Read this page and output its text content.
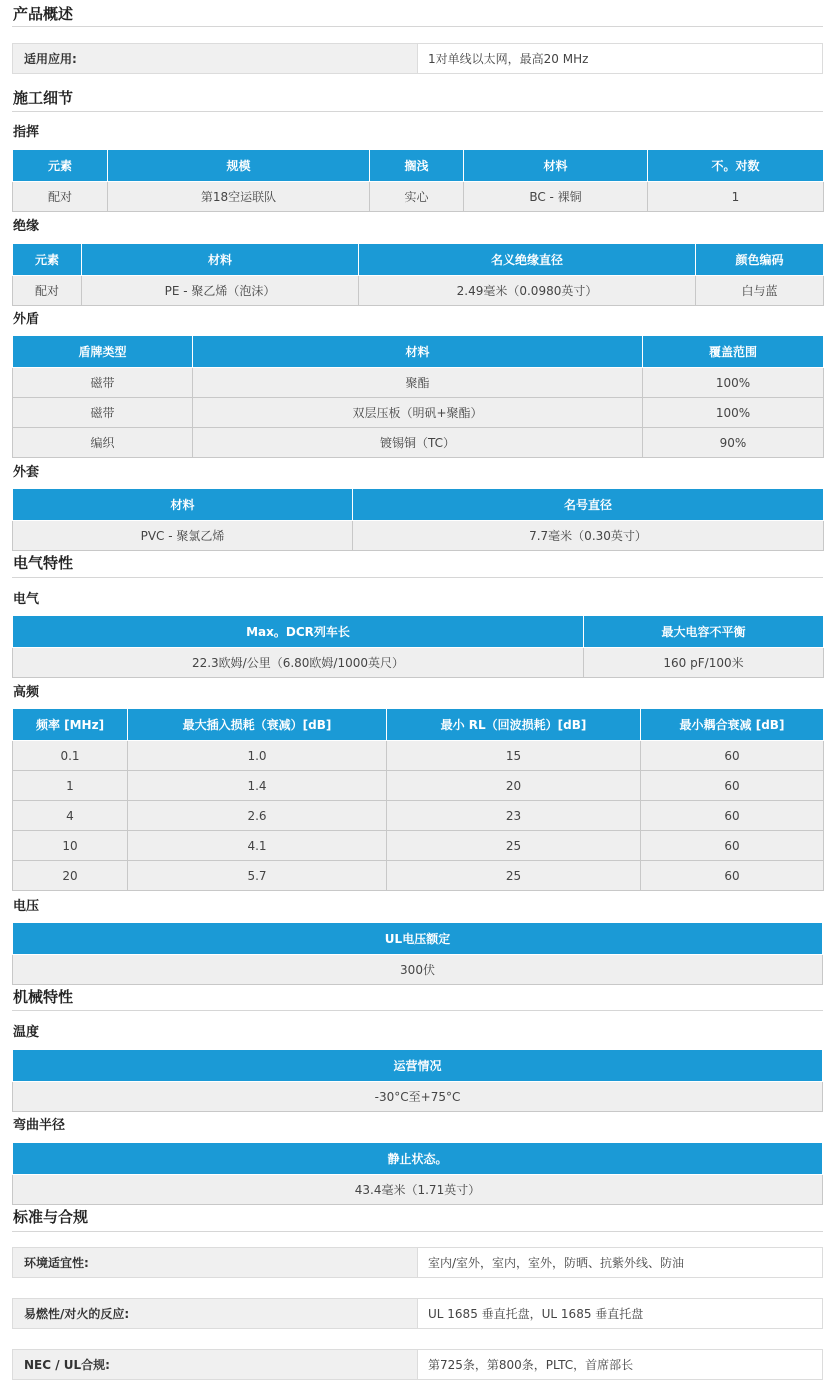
产品概述
适用应用:	1对单线以太网，最高20 MHz
施工细节
指挥
元素	规模	搁浅	材料	不。对数
配对	第18空运联队	实心	BC - 裸铜	1
绝缘
元素	材料	名义绝缘直径	颜色编码
配对	PE - 聚乙烯（泡沫）	2.49毫米（0.0980英寸）	白与蓝
外盾
盾牌类型	材料	覆盖范围
磁带	聚酯	100%
磁带	双层压板（明矾+聚酯）	100%
编织	镀锡铜（TC）	90%
外套
材料	名号直径
PVC - 聚氯乙烯	7.7毫米（0.30英寸）
电气特性
电气
Max。DCR列车长	最大电容不平衡
22.3欧姆/公里（6.80欧姆/1000英尺）	160 pF/100米
高频
频率 [MHz]	最大插入损耗（衰减）[dB]	最小 RL（回波损耗）[dB]	最小耦合衰减 [dB]
0.1	1.0	15	60
1	1.4	20	60
4	2.6	23	60
10	4.1	25	60
20	5.7	25	60
电压
UL电压额定
300伏
机械特性
温度
运营情况
-30°C至+75°C
弯曲半径
静止状态。
43.4毫米（1.71英寸）
标准与合规
环境适宜性:	室内/室外，室内，室外，防晒、抗紫外线、防油
易燃性/对火的反应:	UL 1685 垂直托盘，UL 1685 垂直托盘
NEC / UL合规:	第725条，第800条，PLTC，首席部长
